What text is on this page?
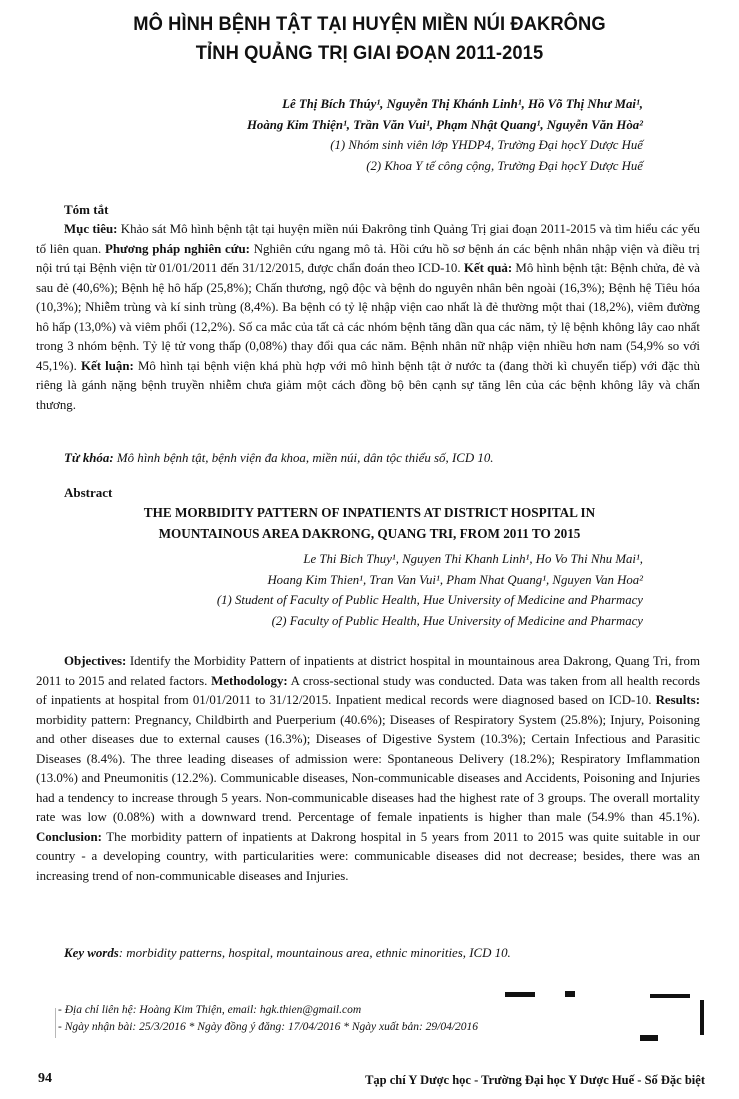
MÔ HÌNH BỆNH TẬT TẠI HUYỆN MIỀN NÚI ĐAKRÔNG
TỈNH QUẢNG TRỊ GIAI ĐOẠN 2011-2015
Lê Thị Bích Thúy¹, Nguyễn Thị Khánh Linh¹, Hồ Võ Thị Như Mai¹,
Hoàng Kim Thiện¹, Trần Văn Vui¹, Phạm Nhật Quang¹, Nguyễn Văn Hòa²
(1) Nhóm sinh viên lớp YHDP4, Trường Đại họcY Dược Huế
(2) Khoa Y tế công cộng, Trường Đại họcY Dược Huế
Tóm tắt
Mục tiêu: Khảo sát Mô hình bệnh tật tại huyện miền núi Đakrông tỉnh Quảng Trị giai đoạn 2011-2015 và tìm hiểu các yếu tố liên quan. Phương pháp nghiên cứu: Nghiên cứu ngang mô tả. Hồi cứu hồ sơ bệnh án các bệnh nhân nhập viện và điều trị nội trú tại Bệnh viện từ 01/01/2011 đến 31/12/2015, được chẩn đoán theo ICD-10. Kết quả: Mô hình bệnh tật: Bệnh chửa, đẻ và sau đẻ (40,6%); Bệnh hệ hô hấp (25,8%); Chấn thương, ngộ độc và bệnh do nguyên nhân bên ngoài (16,3%); Bệnh hệ Tiêu hóa (10,3%); Nhiễm trùng và kí sinh trùng (8,4%). Ba bệnh có tỷ lệ nhập viện cao nhất là đẻ thường một thai (18,2%), viêm đường hô hấp (13,0%) và viêm phổi (12,2%). Số ca mắc của tất cả các nhóm bệnh tăng dần qua các năm, tỷ lệ bệnh không lây cao nhất trong 3 nhóm bệnh. Tỷ lệ tử vong thấp (0,08%) thay đổi qua các năm. Bệnh nhân nữ nhập viện nhiều hơn nam (54,9% so với 45,1%). Kết luận: Mô hình tại bệnh viện khá phù hợp với mô hình bệnh tật ở nước ta (đang thời kì chuyển tiếp) với đặc thù riêng là gánh nặng bệnh truyền nhiễm chưa giảm một cách đồng bộ bên cạnh sự tăng lên của các bệnh không lây và chấn thương.
Từ khóa: Mô hình bệnh tật, bệnh viện đa khoa, miền núi, dân tộc thiểu số, ICD 10.
Abstract
THE MORBIDITY PATTERN OF INPATIENTS AT DISTRICT HOSPITAL IN
MOUNTAINOUS AREA DAKRONG, QUANG TRI, FROM 2011 TO 2015
Le Thi Bich Thuy¹, Nguyen Thi Khanh Linh¹, Ho Vo Thi Nhu Mai¹,
Hoang Kim Thien¹, Tran Van Vui¹, Pham Nhat Quang¹, Nguyen Van Hoa²
(1) Student of Faculty of Public Health, Hue University of Medicine and Pharmacy
(2) Faculty of Public Health, Hue University of Medicine and Pharmacy
Objectives: Identify the Morbidity Pattern of inpatients at district hospital in mountainous area Dakrong, Quang Tri, from 2011 to 2015 and related factors. Methodology: A cross-sectional study was conducted. Data was taken from all health records of inpatients at hospital from 01/01/2011 to 31/12/2015. Inpatient medical records were diagnosed based on ICD-10. Results: morbidity pattern: Pregnancy, Childbirth and Puerperium (40.6%); Diseases of Respiratory System (25.8%); Injury, Poisoning and other diseases due to external causes (16.3%); Diseases of Digestive System (10.3%); Certain Infectious and Parasitic Diseases (8.4%). The three leading diseases of admission were: Spontaneous Delivery (18.2%); Respiratory Imflammation (13.0%) and Pneumonitis (12.2%). Communicable diseases, Non-communicable diseases and Accidents, Poisoning and Injuries had a tendency to increase through 5 years. Non-communicable diseases had the highest rate of 3 groups. The overall mortality rate was low (0.08%) with a downward trend. Percentage of female inpatients is higher than male (54.9% than 45.1%). Conclusion: The morbidity pattern of inpatients at Dakrong hospital in 5 years from 2011 to 2015 was quite suitable in our country - a developing country, with particularities were: communicable diseases did not decrease; besides, there was an increasing trend of non-communicable diseases and Injuries.
Key words: morbidity patterns, hospital, mountainous area, ethnic minorities, ICD 10.
- Địa chỉ liên hệ: Hoàng Kim Thiện, email: hgk.thien@gmail.com
- Ngày nhận bài: 25/3/2016 * Ngày đồng ý đăng: 17/04/2016 * Ngày xuất bản: 29/04/2016
94	Tạp chí Y Dược học - Trường Đại học Y Dược Huế - Số Đặc biệt
